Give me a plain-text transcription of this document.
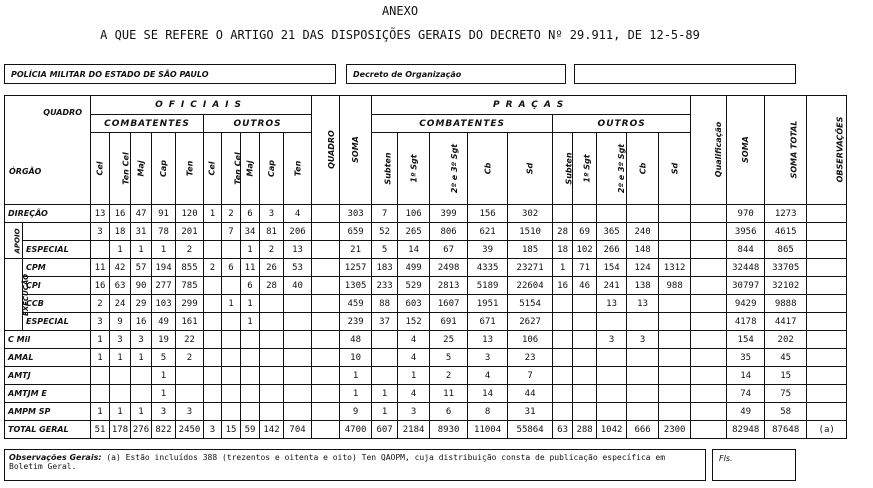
ANEXO
A QUE SE REFERE O ARTIGO 21 DAS DISPOSIÇÕES GERAIS DO DECRETO Nº 29.911, DE 12-5-89
POLÍCIA MILITAR DO ESTADO DE SÃO PAULO	Decreto de Organização
QUADRO
ÓRGÃO		OFICIAIS										QUADRO	SOMA	PRAÇAS										Qualificação	SOMA	SOMA TOTAL	OBSERVAÇÕES
		COMBATENTES					OUTROS							COMBATENTES					OUTROS								
		Cel	Ten Cel	Maj	Cap	Ten	Cel	Ten Cel	Maj	Cap	Ten			Subten	1º Sgt	2º e 3º Sgt	Cb	Sd	Subten	1º Sgt	2º e 3º Sgt	Cb	Sd				
DIREÇÃO		13	16	47	91	120	1	2	6	3	4		303	7	106	399	156	302							970	1273	
APOIO		3	18	31	78	201		7	34	81	206		659	52	265	806	621	1510	28	69	365	240			3956	4615	
	ESPECIAL		1	1	1	2			1	2	13		21	5	14	67	39	185	18	102	266	148			844	865	
EXECUÇÃO	CPM	11	42	57	194	855	2	6	11	26	53		1257	183	499	2498	4335	23271	1	71	154	124	1312		32448	33705	
	CPI	16	63	90	277	785			6	28	40		1305	233	529	2813	5189	22604	16	46	241	138	988		30797	32102	
	CCB	2	24	29	103	299		1	1				459	88	603	1607	1951	5154			13	13			9429	9888	
	ESPECIAL	3	9	16	49	161			1				239	37	152	691	671	2627							4178	4417	
C Mil		1	3	3	19	22							48		4	25	13	106			3	3			154	202	
AMAL		1	1	1	5	2							10		4	5	3	23							35	45	
AMTJ					1								1		1	2	4	7							14	15	
AMTJM E					1								1	1	4	11	14	44							74	75	
AMPM SP		1	1	1	3	3							9	1	3	6	8	31							49	58	
TOTAL GERAL		51	178	276	822	2450	3	15	59	142	704		4700	607	2184	8930	11004	55864	63	288	1042	666	2300		82948	87648	(a)
Observações Gerais: (a) Estão incluídos 388 (trezentos e oitenta e oito) Ten QAOPM, cuja distribuição consta de publicação específica em Boletim Geral.
Fls.
